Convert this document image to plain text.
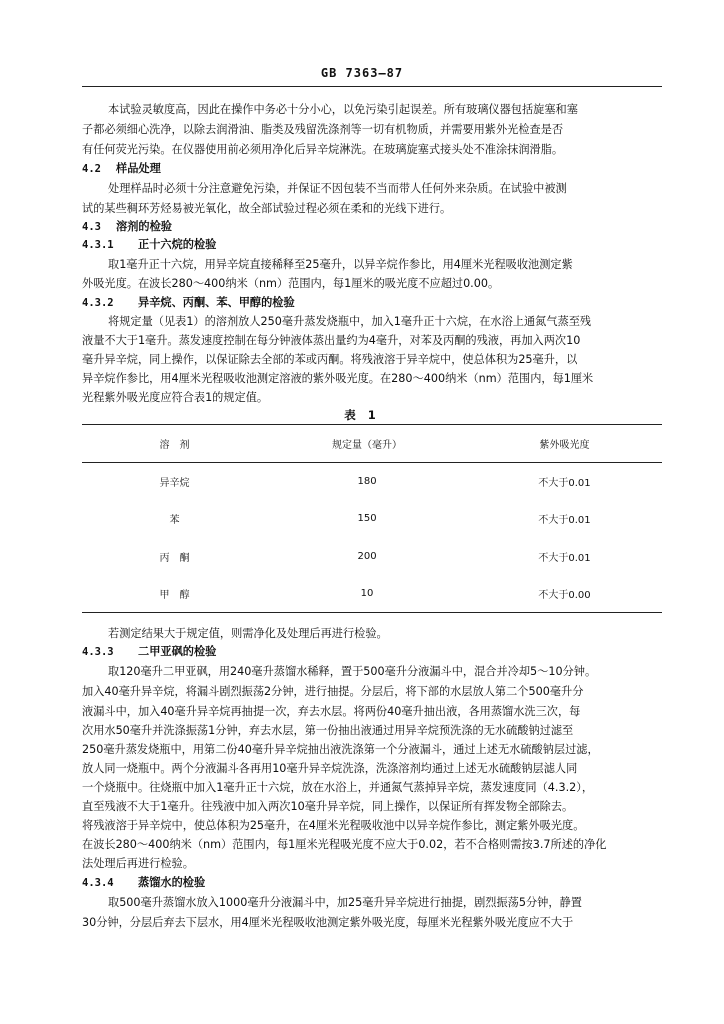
GB 7363—87
本试验灵敏度高，因此在操作中务必十分小心，以免污染引起误差。所有玻璃仪器包括旋塞和塞
子都必须细心洗净，以除去润滑油、脂类及残留洗涤剂等一切有机物质，并需要用紫外光检查是否
有任何荧光污染。在仪器使用前必须用净化后异辛烷淋洗。在玻璃旋塞式接头处不准涂抹润滑脂。
4.2 样品处理
处理样品时必须十分注意避免污染，并保证不因包装不当而带人任何外来杂质。在试验中被测
试的某些稠环芳烃易被光氧化，故全部试验过程必须在柔和的光线下进行。
4.3 溶剂的检验
4.3.1 正十六烷的检验
取1毫升正十六烷，用异辛烷直接稀释至25毫升，以异辛烷作参比，用4厘米光程吸收池测定紫
外吸光度。在波长280～400纳米（nm）范围内，每1厘米的吸光度不应超过0.00。
4.3.2 异辛烷、丙酮、苯、甲醇的检验
将规定量（见表1）的溶剂放人250毫升蒸发烧瓶中，加入1毫升正十六烷，在水浴上通氮气蒸至残
液量不大于1毫升。蒸发速度控制在每分钟液体蒸出量约为4毫升，对苯及丙酮的残液，再加入两次10
毫升异辛烷，同上操作，以保证除去全部的苯或丙酮。将残液溶于异辛烷中，使总体积为25毫升，以
异辛烷作参比，用4厘米光程吸收池测定溶液的紫外吸光度。在280～400纳米（nm）范围内，每1厘米
光程紫外吸光度应符合表1的规定值。
表 1
溶　剂	规定量（毫升）	紫外吸光度
异辛烷	180	不大于0.01
苯	150	不大于0.01
丙　酮	200	不大于0.01
甲　醇	10	不大于0.00
若测定结果大于规定值，则需净化及处理后再进行检验。
4.3.3 二甲亚砜的检验
取120毫升二甲亚砜，用240毫升蒸馏水稀释，置于500毫升分液漏斗中，混合并冷却5～10分钟。
加入40毫升异辛烷，将漏斗剧烈振荡2分钟，进行抽提。分层后，将下部的水层放人第二个500毫升分
液漏斗中，加入40毫升异辛烷再抽提一次，弃去水层。将两份40毫升抽出液，各用蒸馏水洗三次，每
次用水50毫升并洗涤振荡1分钟，弃去水层，第一份抽出液通过用异辛烷预洗涤的无水硫酸钠过滤至
250毫升蒸发烧瓶中，用第二份40毫升异辛烷抽出液洗涤第一个分液漏斗，通过上述无水硫酸钠层过滤，
放人同一烧瓶中。两个分液漏斗各再用10毫升异辛烷洗涤，洗涤溶剂均通过上述无水硫酸钠层滤人同
一个烧瓶中。往烧瓶中加入1毫升正十六烷，放在水浴上，并通氮气蒸掉异辛烷，蒸发速度同（4.3.2），
直至残液不大于1毫升。往残液中加入两次10毫升异辛烷，同上操作，以保证所有挥发物全部除去。
将残液溶于异辛烷中，使总体积为25毫升，在4厘米光程吸收池中以异辛烷作参比，测定紫外吸光度。
在波长280～400纳米（nm）范围内，每1厘米光程吸光度不应大于0.02，若不合格则需按3.7所述的净化
法处理后再进行检验。
4.3.4 蒸馏水的检验
取500毫升蒸馏水放入1000毫升分液漏斗中，加25毫升异辛烷进行抽提，剧烈振荡5分钟，静置
30分钟，分层后弃去下层水，用4厘米光程吸收池测定紫外吸光度，每厘米光程紫外吸光度应不大于
